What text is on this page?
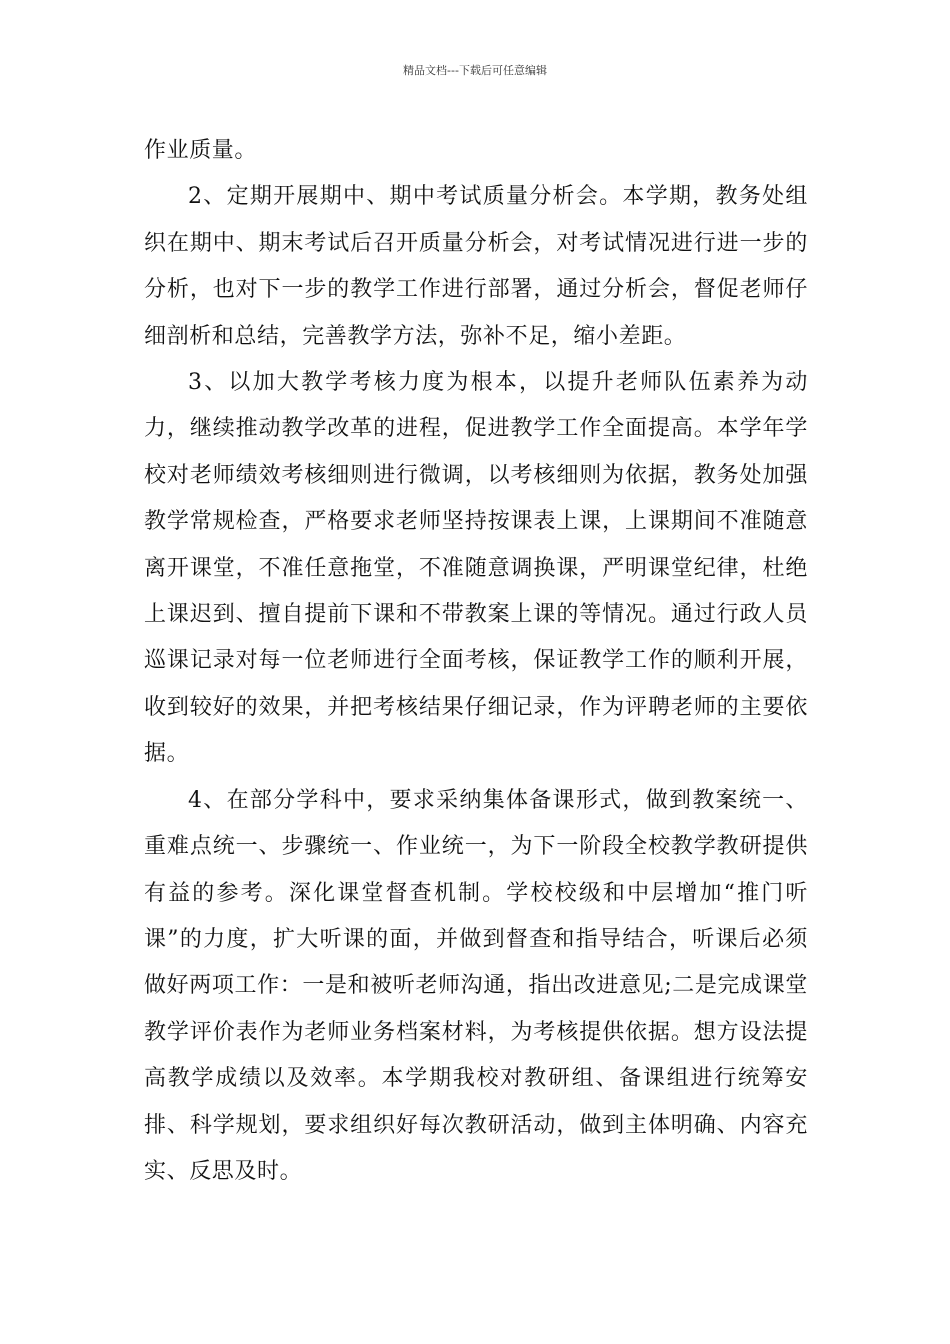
精品文档---下载后可任意编辑

作业质量。

2、定期开展期中、期中考试质量分析会。本学期，教务处组织在期中、期末考试后召开质量分析会，对考试情况进行进一步的分析，也对下一步的教学工作进行部署，通过分析会，督促老师仔细剖析和总结，完善教学方法，弥补不足，缩小差距。

3、以加大教学考核力度为根本，以提升老师队伍素养为动力，继续推动教学改革的进程，促进教学工作全面提高。本学年学校对老师绩效考核细则进行微调，以考核细则为依据，教务处加强教学常规检查，严格要求老师坚持按课表上课，上课期间不准随意离开课堂，不准任意拖堂，不准随意调换课，严明课堂纪律，杜绝上课迟到、擅自提前下课和不带教案上课的等情况。通过行政人员巡课记录对每一位老师进行全面考核，保证教学工作的顺利开展，收到较好的效果，并把考核结果仔细记录，作为评聘老师的主要依据。

4、在部分学科中，要求采纳集体备课形式，做到教案统一、重难点统一、步骤统一、作业统一，为下一阶段全校教学教研提供有益的参考。深化课堂督查机制。学校校级和中层增加“推门听课”的力度，扩大听课的面，并做到督查和指导结合，听课后必须做好两项工作：一是和被听老师沟通，指出改进意见;二是完成课堂教学评价表作为老师业务档案材料，为考核提供依据。想方设法提高教学成绩以及效率。本学期我校对教研组、备课组进行统筹安排、科学规划，要求组织好每次教研活动，做到主体明确、内容充实、反思及时。
